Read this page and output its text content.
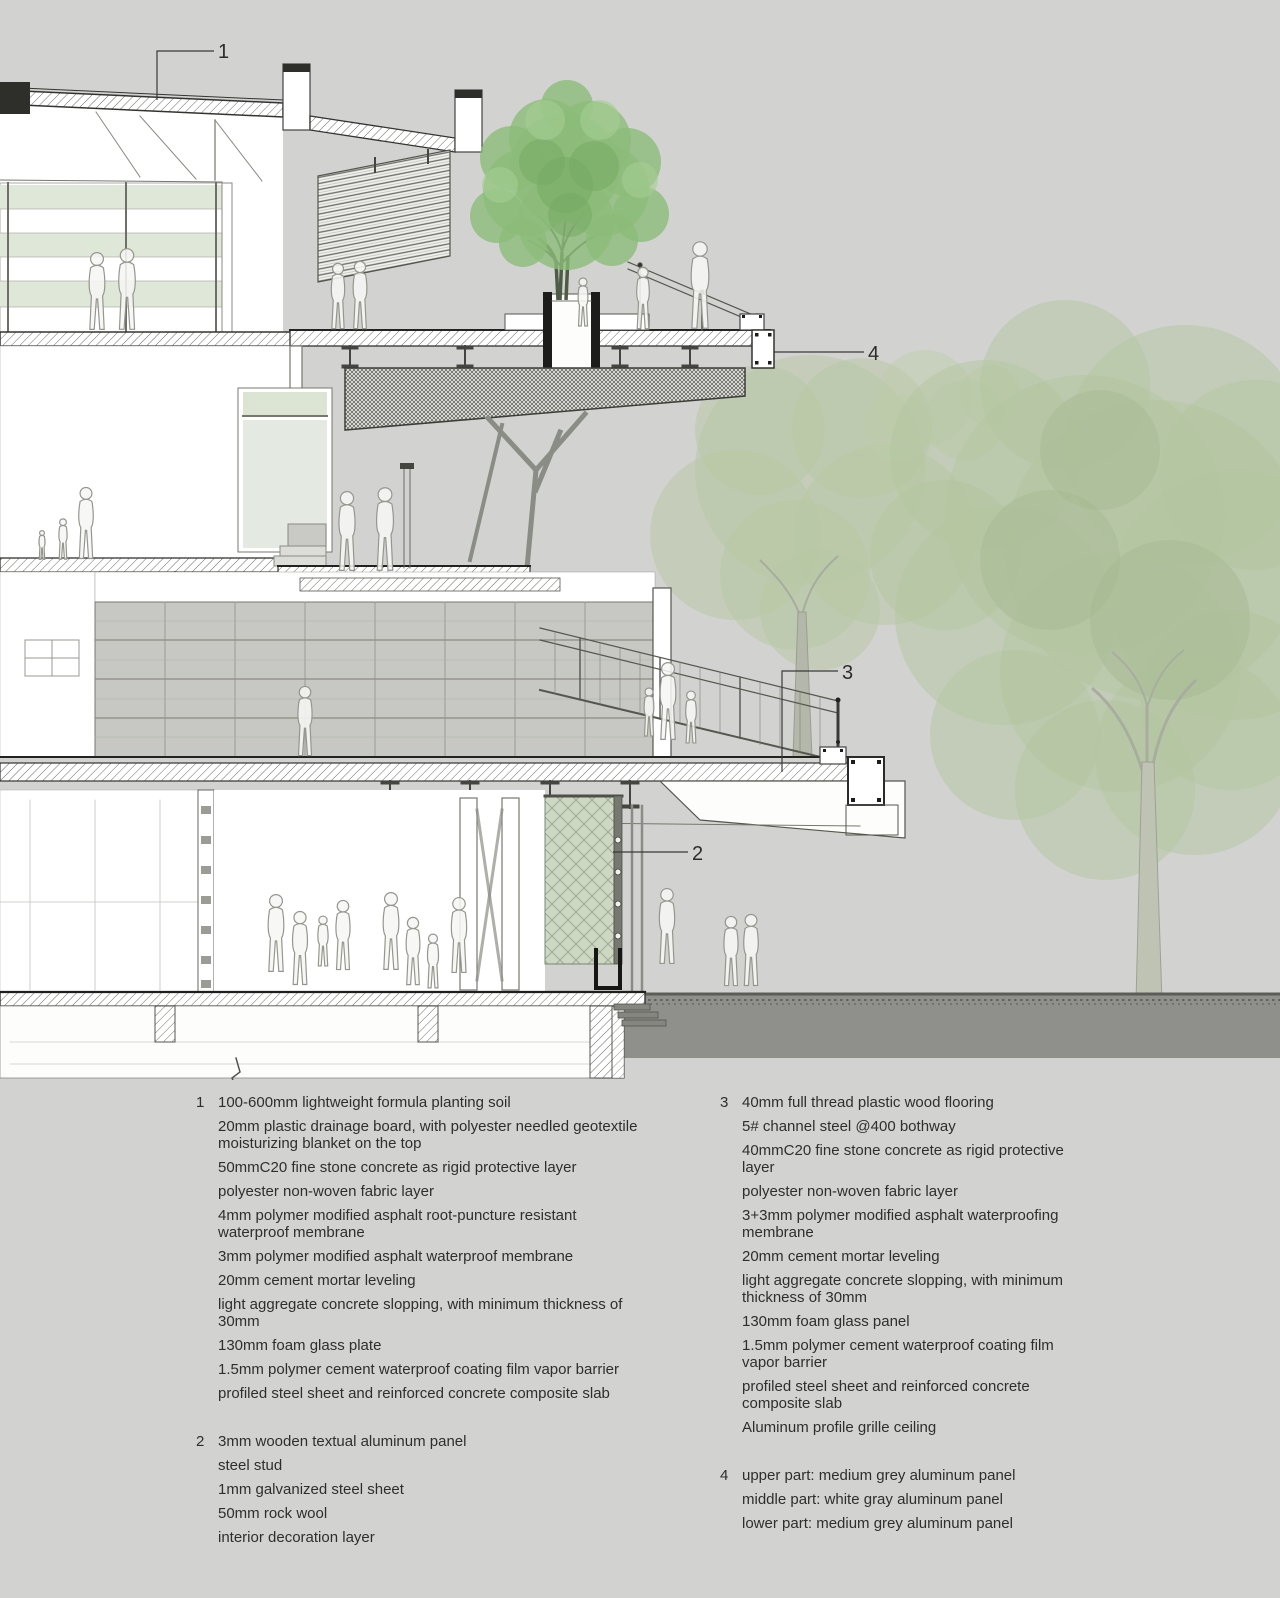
1
4
3
2
1 100-600mm lightweight formula planting soil

20mm plastic drainage board, with polyester needled geotextile moisturizing blanket on the top

50mmC20 fine stone concrete as rigid protective layer

polyester non-woven fabric layer

4mm polymer modified asphalt root-puncture resistant waterproof membrane

3mm polymer modified asphalt waterproof membrane

20mm cement mortar leveling

light aggregate concrete slopping, with minimum thickness of 30mm

130mm foam glass plate

1.5mm polymer cement waterproof coating film vapor barrier

profiled steel sheet and reinforced concrete composite slab

2 3mm wooden textual aluminum panel

steel stud

1mm galvanized steel sheet

50mm rock wool

interior decoration layer

3 40mm full thread plastic wood flooring

5# channel steel @400 bothway

40mmC20 fine stone concrete as rigid protective layer

polyester non-woven fabric layer

3+3mm polymer modified asphalt waterproofing membrane

20mm cement mortar leveling

light aggregate concrete slopping, with minimum thickness of 30mm

130mm foam glass panel

1.5mm polymer cement waterproof coating film vapor barrier

profiled steel sheet and reinforced concrete composite slab

Aluminum profile grille ceiling

4 upper part: medium grey aluminum panel

middle part: white gray aluminum panel

lower part: medium grey aluminum panel
